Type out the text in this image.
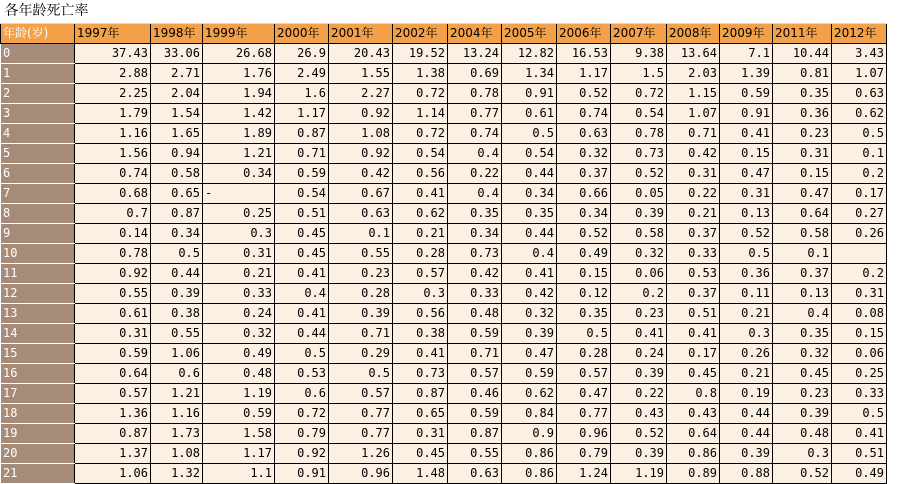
各年龄死亡率														
年龄(岁)	1997年	1998年	1999年	2000年	2001年	2002年	2004年	2005年	2006年	2007年	2008年	2009年	2011年	2012年
0	37.43	33.06	26.68	26.9	20.43	19.52	13.24	12.82	16.53	9.38	13.64	7.1	10.44	3.43
1	2.88	2.71	1.76	2.49	1.55	1.38	0.69	1.34	1.17	1.5	2.03	1.39	0.81	1.07
2	2.25	2.04	1.94	1.6	2.27	0.72	0.78	0.91	0.52	0.72	1.15	0.59	0.35	0.63
3	1.79	1.54	1.42	1.17	0.92	1.14	0.77	0.61	0.74	0.54	1.07	0.91	0.36	0.62
4	1.16	1.65	1.89	0.87	1.08	0.72	0.74	0.5	0.63	0.78	0.71	0.41	0.23	0.5
5	1.56	0.94	1.21	0.71	0.92	0.54	0.4	0.54	0.32	0.73	0.42	0.15	0.31	0.1
6	0.74	0.58	0.34	0.59	0.42	0.56	0.22	0.44	0.37	0.52	0.31	0.47	0.15	0.2
7	0.68	0.65	-	0.54	0.67	0.41	0.4	0.34	0.66	0.05	0.22	0.31	0.47	0.17
8	0.7	0.87	0.25	0.51	0.63	0.62	0.35	0.35	0.34	0.39	0.21	0.13	0.64	0.27
9	0.14	0.34	0.3	0.45	0.1	0.21	0.34	0.44	0.52	0.58	0.37	0.52	0.58	0.26
10	0.78	0.5	0.31	0.45	0.55	0.28	0.73	0.4	0.49	0.32	0.33	0.5	0.1	
11	0.92	0.44	0.21	0.41	0.23	0.57	0.42	0.41	0.15	0.06	0.53	0.36	0.37	0.2
12	0.55	0.39	0.33	0.4	0.28	0.3	0.33	0.42	0.12	0.2	0.37	0.11	0.13	0.31
13	0.61	0.38	0.24	0.41	0.39	0.56	0.48	0.32	0.35	0.23	0.51	0.21	0.4	0.08
14	0.31	0.55	0.32	0.44	0.71	0.38	0.59	0.39	0.5	0.41	0.41	0.3	0.35	0.15
15	0.59	1.06	0.49	0.5	0.29	0.41	0.71	0.47	0.28	0.24	0.17	0.26	0.32	0.06
16	0.64	0.6	0.48	0.53	0.5	0.73	0.57	0.59	0.57	0.39	0.45	0.21	0.45	0.25
17	0.57	1.21	1.19	0.6	0.57	0.87	0.46	0.62	0.47	0.22	0.8	0.19	0.23	0.33
18	1.36	1.16	0.59	0.72	0.77	0.65	0.59	0.84	0.77	0.43	0.43	0.44	0.39	0.5
19	0.87	1.73	1.58	0.79	0.77	0.31	0.87	0.9	0.96	0.52	0.64	0.44	0.48	0.41
20	1.37	1.08	1.17	0.92	1.26	0.45	0.55	0.86	0.79	0.39	0.86	0.39	0.3	0.51
21	1.06	1.32	1.1	0.91	0.96	1.48	0.63	0.86	1.24	1.19	0.89	0.88	0.52	0.49
